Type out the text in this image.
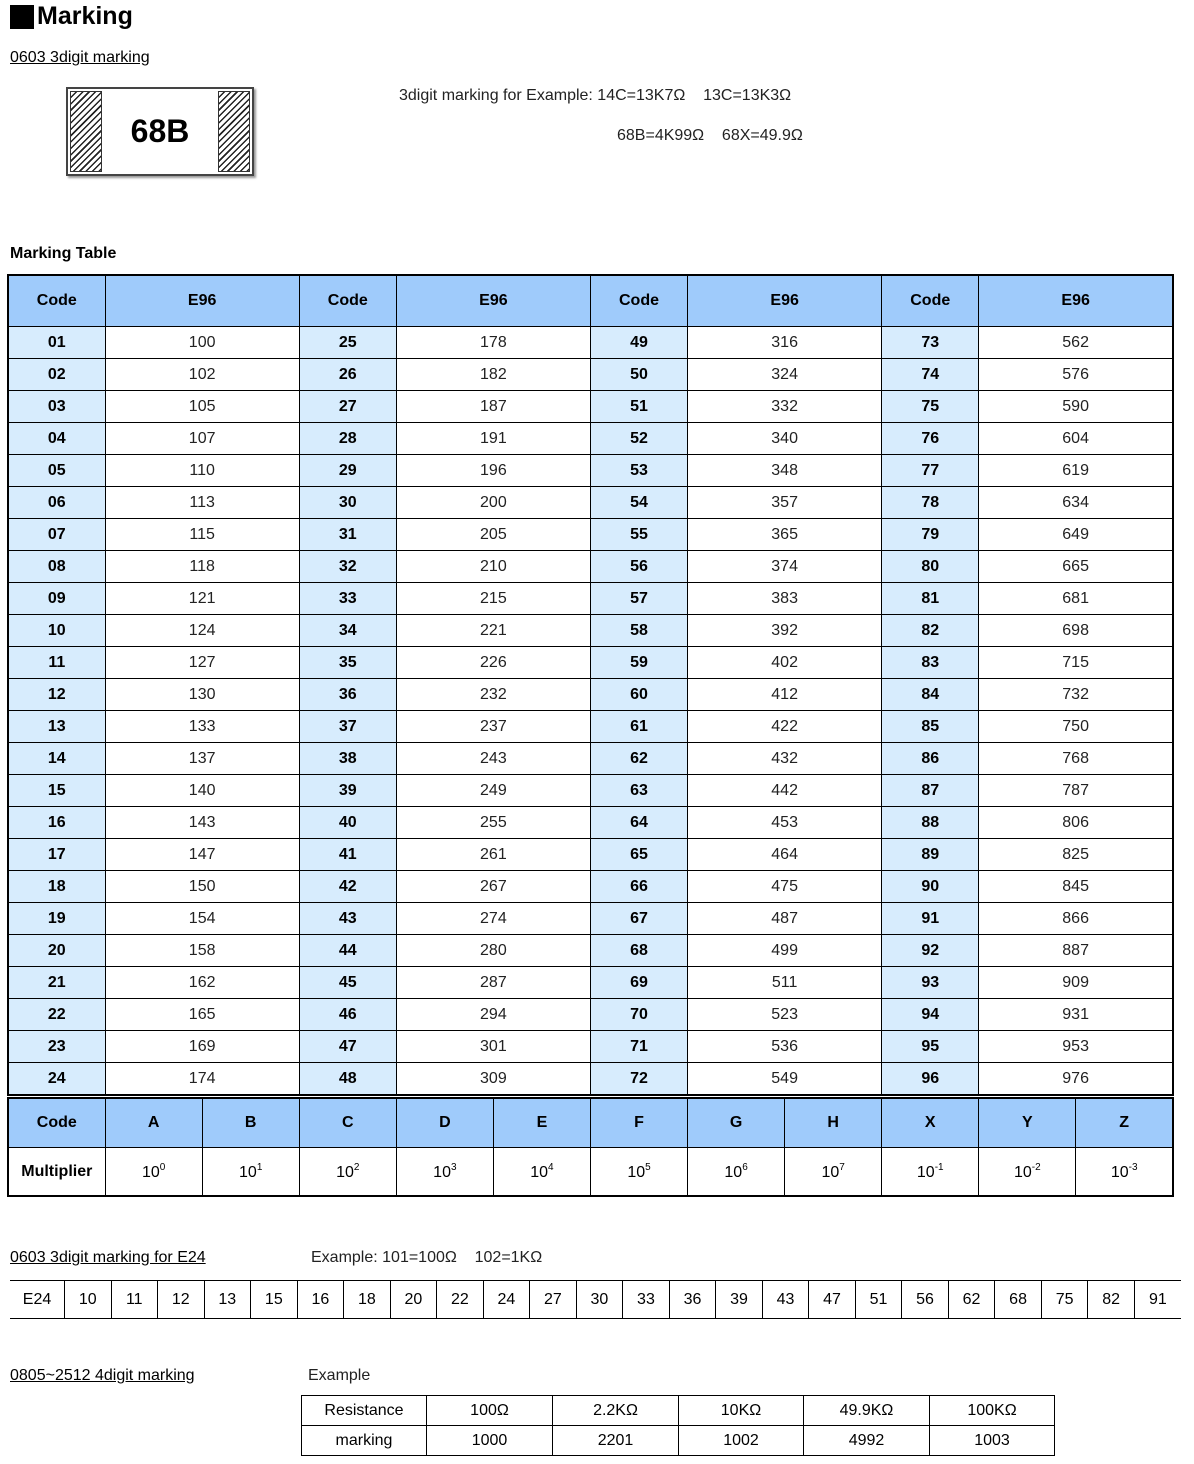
Marking
0603 3digit marking
68B
3digit marking for Example: 14C=13K7Ω    13C=13K3Ω
68B=4K99Ω    68X=49.9Ω
Marking Table
Code	E96	Code	E96	Code	E96	Code	E96
01	100	25	178	49	316	73	562
02	102	26	182	50	324	74	576
03	105	27	187	51	332	75	590
04	107	28	191	52	340	76	604
05	110	29	196	53	348	77	619
06	113	30	200	54	357	78	634
07	115	31	205	55	365	79	649
08	118	32	210	56	374	80	665
09	121	33	215	57	383	81	681
10	124	34	221	58	392	82	698
11	127	35	226	59	402	83	715
12	130	36	232	60	412	84	732
13	133	37	237	61	422	85	750
14	137	38	243	62	432	86	768
15	140	39	249	63	442	87	787
16	143	40	255	64	453	88	806
17	147	41	261	65	464	89	825
18	150	42	267	66	475	90	845
19	154	43	274	67	487	91	866
20	158	44	280	68	499	92	887
21	162	45	287	69	511	93	909
22	165	46	294	70	523	94	931
23	169	47	301	71	536	95	953
24	174	48	309	72	549	96	976
Code	A	B	C	D	E	F	G	H	X	Y	Z
Multiplier	$10^0$	$10^1$	$10^2$	$10^3$	$10^4$	$10^5$	$10^6$	$10^7$	$10^{-1}$	$10^{-2}$	$10^{-3}$
0603 3digit marking for E24	Example: 101=100Ω    102=1KΩ
E24	10	11	12	13	15	16	18	20	22	24	27	30	33	36	39	43	47	51	56	62	68	75	82	91
0805~2512 4digit marking	Example
Resistance	100Ω	2.2KΩ	10KΩ	49.9KΩ	100KΩ
marking	1000	2201	1002	4992	1003
